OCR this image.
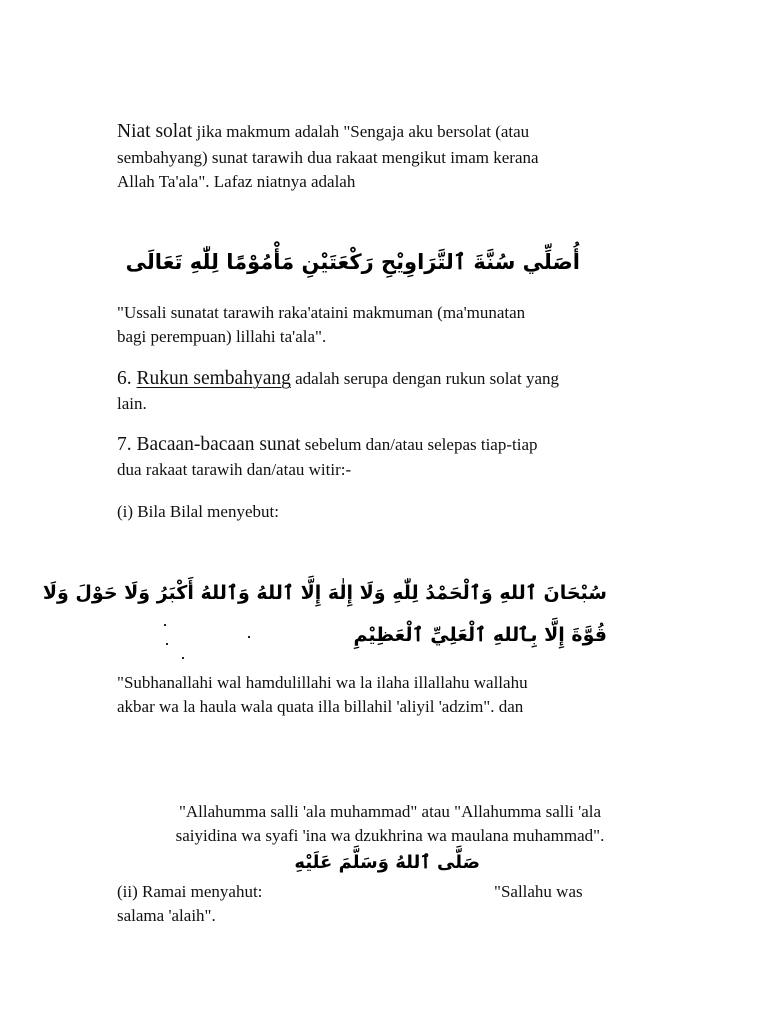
Niat solat jika makmum adalah "Sengaja aku bersolat (atau
sembahyang) sunat tarawih dua rakaat mengikut imam kerana
Allah Ta'ala". Lafaz niatnya adalah
أُصَلِّي سُنَّةَ ٱلتَّرَاوِيْحِ رَكْعَتَيْنِ مَأْمُوْمًا لِلّٰهِ تَعَالَى
"Ussali sunatat tarawih raka'ataini makmuman (ma'munatan
bagi perempuan) lillahi ta'ala".
6. Rukun sembahyang adalah serupa dengan rukun solat yang
lain.
7. Bacaan-bacaan sunat sebelum dan/atau selepas tiap-tiap
dua rakaat tarawih dan/atau witir:-
(i) Bila Bilal menyebut:
سُبْحَانَ ٱللهِ وَٱلْحَمْدُ لِلّٰهِ وَلَا إِلٰهَ إِلَّا ٱللهُ وَٱللهُ أَكْبَرُ وَلَا حَوْلَ وَلَا
قُوَّةَ إِلَّا بِٱللهِ ٱلْعَلِيِّ ٱلْعَظِيْمِ
"Subhanallahi wal hamdulillahi wa la ilaha illallahu wallahu
akbar wa la haula wala quata illa billahil 'aliyil 'adzim". dan
"Allahumma salli 'ala muhammad" atau "Allahumma salli 'ala
saiyidina wa syafi 'ina wa dzukhrina wa maulana muhammad".
صَلَّى ٱللهُ وَسَلَّمَ عَلَيْهِ
(ii) Ramai menyahut:	"Sallahu was
salama 'alaih".
